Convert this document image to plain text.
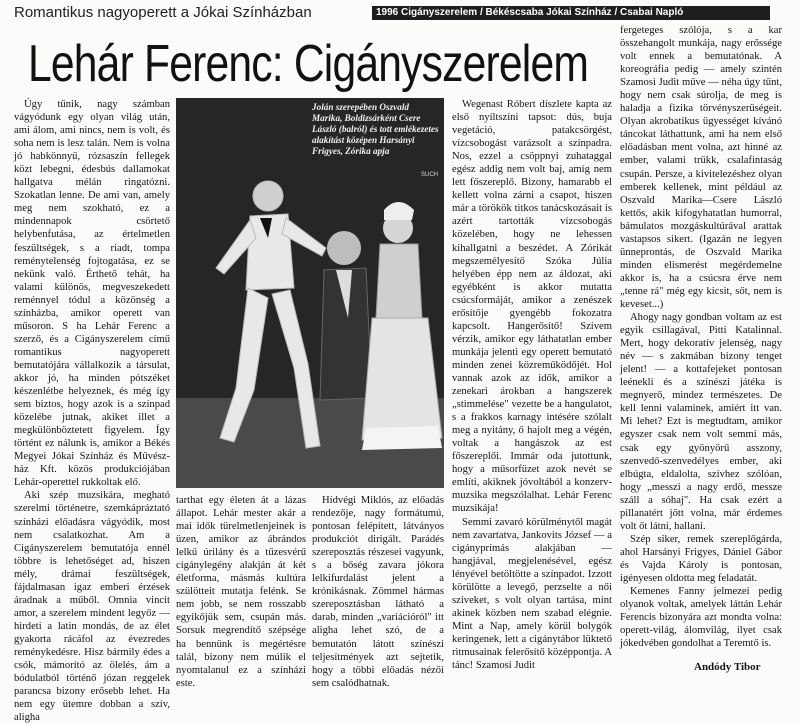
Romantikus nagyoperett a Jókai Színházban	1996 Cigányszerelem / Békéscsaba Jókai Színház / Csabai Napló
Lehár Ferenc: Cigányszerelem

Úgy tűnik, nagy számban vágyódunk egy olyan világ után, ami álom, ami nincs, nem is volt, és soha nem is lesz talán. Nem is volna jó habkönnyű, rózsaszín fellegek közt lebegni, édesbús dallamokat hallgatva mélán ringatózni. Szokatlan lenne. De ami van, amely meg nem szokható, ez a mindennapok csörtető helybenfutása, az értelmetlen feszültségek, s a riadt, tompa reménytelenség fojtogatása, ez se nekünk való. Érthető tehát, ha valami különös, megveszekedett reménnyel tódul a közönség a színházba, amikor operett van műsoron. S ha Lehár Ferenc a szerző, és a Cigányszerelem című romantikus nagyoperett bemutatójára vállalkozik a társulat, akkor jó, ha minden pótszéket készenlétbe helyeznek, és még így sem biztos, hogy azok is a színpad közelébe jutnak, akiket illet a megkülönböztetett figyelem. Így történt ez nálunk is, amikor a Békés Megyei Jókai Színház és Művész-ház Kft. közös produkciójában Lehár-operettel rukkoltak elő.

Aki szép muzsikára, megható szerelmi történetre, szemkápráztató színházi előadásra vágyódik, most nem csalatkozhat. Am a Cigányszerelem bemutatója ennél többre is lehetőséget ad, hiszen mély, drámai feszültségek, fájdalmasan igaz emberi érzések áradnak a műből. Omnia vincit amor, a szerelem mindent legyőz — hirdeti a latin mondás, de az élet gyakorta rácáfol az évezredes reménykedésre. Hisz bármily édes a csók, mámorító az ölelés, ám a bódulatból történő józan reggelek parancsa bizony erősebb lehet. Ha nem egy ütemre dobban a szív, aligha

Jolán szerepében Oszvald Marika, Boldizsárként Csere László (balról) és tott emlékezetes alakítást középen Harsányi Frigyes, Zórika apja
SUCH

tarthat egy életen át a lázas állapot. Lehár mester akár a mai idők türelmetlenjeinek is üzen, amikor az ábrándos lelkű úrilány és a tűzesvérű cigánylegény alakján át két életforma, másmás kultúra szülötteit mutatja felénk. Se nem jobb, se nem rosszabb egyikőjük sem, csupán más. Sorsuk megrendítő szépsége ha bennünk is megértésre talál, bizony nem múlik el nyomtalanul ez a színházi este.

Hídvégi Miklós, az előadás rendezője, nagy formátumú, pontosan felépített, látványos produkciót dirigált. Parádés szereposztás részesei vagyunk, s a bőség zavara jókora lelkifurdalást jelent a krónikásnak. Zömmel hármas szereposztásban látható a darab, minden „variációról" itt aligha lehet szó, de a bemutatón látott színészi teljesítmények azt sejtetik, hogy a többi előadás nézői sem csalódhatnak.

Wegenast Róbert díszlete kapta az első nyíltszíni tapsot: dús, buja vegetáció, patakcsörgést, vízcsobogást varázsolt a színpadra. Nos, ezzel a csöppnyi zuhataggal egész addig nem volt baj, amíg nem lett főszereplő. Bizony, hamarabb el kellett volna zárni a csapot, hiszen már a törökök titkos tanácskozásait is azért tartották vízcsobogás közelében, hogy ne lehessen kihallgatni a beszédet. A Zórikát megszemélyesítő Szóka Júlia helyében épp nem az áldozat, aki egyébként is akkor mutatta csúcsformáját, amikor a zenészek erősítője gyengébb fokozatra kapcsolt. Hangerősítő! Szívem vérzik, amikor egy láthatatlan ember munkája jelenti egy operett bemutató minden zenei közreműködőjét. Hol vannak azok az idők, amikor a zenekari árokban a hangszerek „stimmelése" vezette be a hangulatot, s a frakkos karnagy intésére szólalt meg a nyitány, ő hajolt meg a végén, voltak a hangászok az est főszereplői. Immár oda jutottunk, hogy a műsorfüzet azok nevét se említi, akiknek jóvoltából a konzerv-muzsika megszólalhat. Lehár Ferenc muzsikája!

Semmi zavaró körülménytől magát nem zavartatva, Jankovits József — a cigányprímás alakjában — hangjával, megjelenésével, egész lényével betöltötte a színpadot. Izzott körülötte a levegő, perzselte a női szíveket, s volt olyan tartása, mint akinek közben nem szabad elégnie. Mint a Nap, amely körül bolygók keringenek, lett a cigánytábor lüktető ritmusainak felerősítő középpontja. A tánc! Szamosi Judit

fergeteges szólója, s a kar összehangolt munkája, nagy erőssége volt ennek a bemutatónak. A koreográfia pedig — amely szintén Szamosi Judit műve — néha úgy tűnt, hogy nem csak súrolja, de meg is haladja a fizika törvényszerűségeit. Olyan akrobatikus ügyességet kívánó táncokat láthattunk, ami ha nem első előadásban ment volna, azt hinné az ember, valami trükk, csalafintaság csupán. Persze, a kivitelezéshez olyan emberek kellenek, mint például az Oszvald Marika—Csere László kettős, akik kifogyhatatlan humorral, bámulatos mozgáskultúrával arattak vastapsos sikert. (Igazán ne legyen ünneprontás, de Oszvald Marika minden elismerést megérdemelne akkor is, ha a csúcsra érve nem „tenne rá" még egy kicsit, sőt, nem is keveset...)

Ahogy nagy gondban voltam az est egyik csillagával, Pitti Katalinnal. Mert, hogy dekoratív jelenség, nagy név — s zakmában bizony tenget jelent! — a kottafejeket pontosan leénekli és a színészi játéka is megnyerő, mindez természetes. De kell lenni valaminek, amiért itt van. Mi lehet? Ezt is megtudtam, amikor egyszer csak nem volt semmi más, csak egy gyönyörű asszony, szenvedő-szenvedélyes ember, aki elbúgta, eldalolta, szívhez szólóan, hogy „messzi a nagy erdő, messze száll a sóhaj". Ha csak ezért a pillanatért jött volna, már érdemes volt őt látni, hallani.

Szép siker, remek szereplőgárda, ahol Harsányi Frigyes, Dániel Gábor és Vajda Károly is pontosan, igényesen oldotta meg feladatát.

Kemenes Fanny jelmezei pedig olyanok voltak, amelyek láttán Lehár Ferencis bizonyára azt mondta volna: operett-világ, álomvilág, ilyet csak jókedvében gondolhat a Teremtő is.

Andódy Tibor
